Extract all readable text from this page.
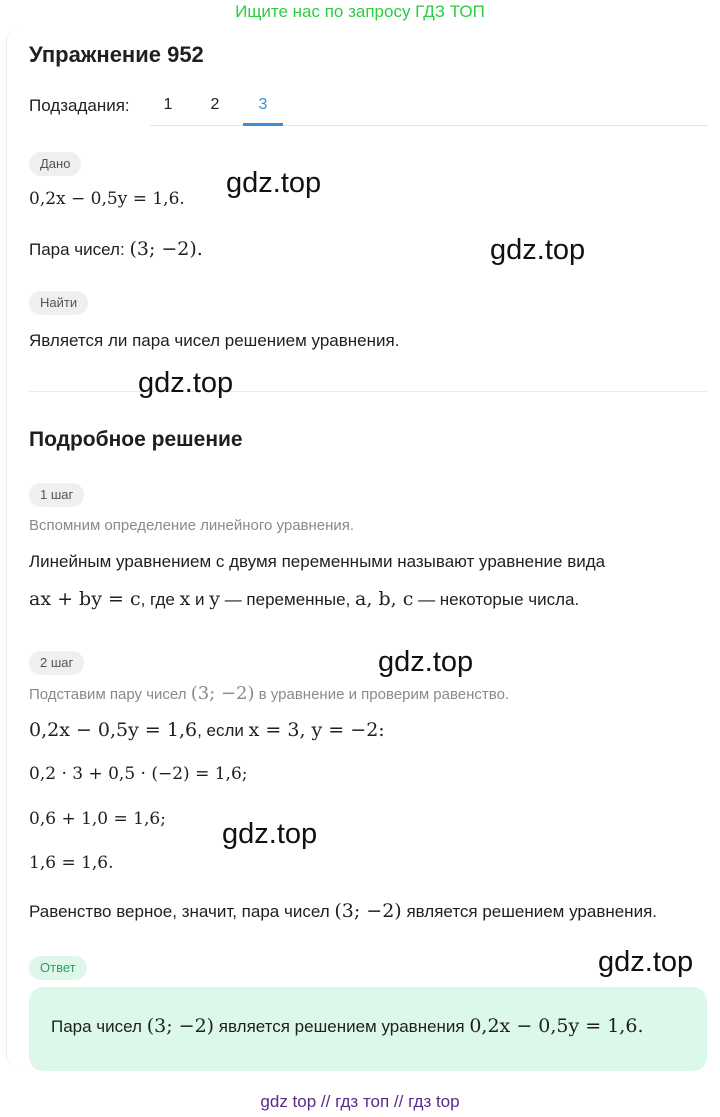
Ищите нас по запросу ГДЗ ТОП
Упражнение 952
Подзадания:	1	2	3
Дано
0,2x − 0,5y = 1,6.
Пара чисел: (3; −2).
Найти
Является ли пара чисел решением уравнения.
Подробное решение
1 шаг
Вспомним определение линейного уравнения.
Линейным уравнением с двумя переменными называют уравнение вида
ax + by = c, где x и y — переменные, a, b, c — некоторые числа.
2 шаг
Подставим пару чисел (3; −2) в уравнение и проверим равенство.
0,2x − 0,5y = 1,6, если x = 3, y = −2:
0,2 · 3 + 0,5 · (−2) = 1,6;
0,6 + 1,0 = 1,6;
1,6 = 1,6.
Равенство верное, значит, пара чисел (3; −2) является решением уравнения.
Ответ
Пара чисел (3; −2) является решением уравнения 0,2x − 0,5y = 1,6.
gdz.top
gdz.top
gdz.top
gdz.top
gdz.top
gdz.top
gdz top // гдз топ // гдз top
